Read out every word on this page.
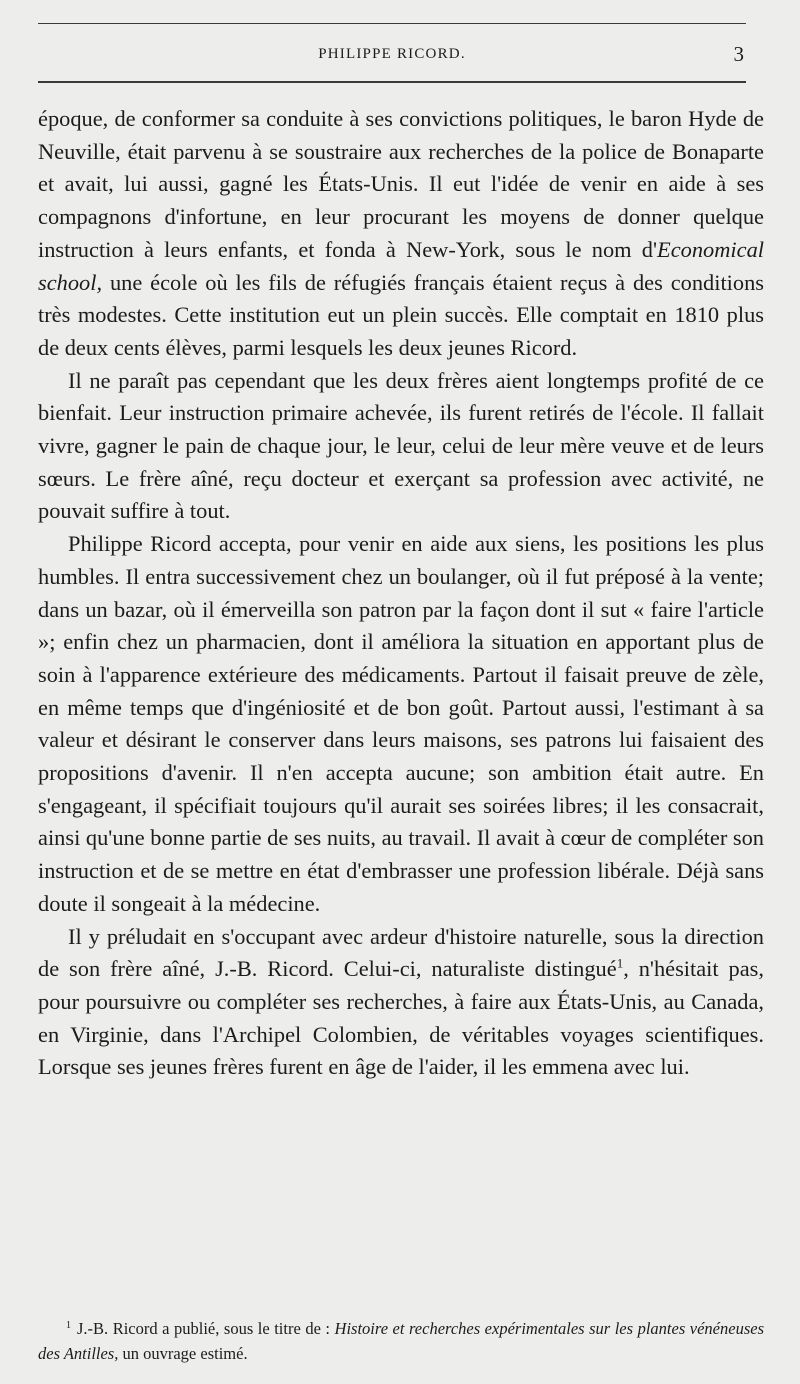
PHILIPPE RICORD.	3

époque, de conformer sa conduite à ses convictions politiques, le baron Hyde de Neuville, était parvenu à se soustraire aux recherches de la police de Bonaparte et avait, lui aussi, gagné les États-Unis. Il eut l'idée de venir en aide à ses compagnons d'infortune, en leur procurant les moyens de donner quelque instruction à leurs enfants, et fonda à New-York, sous le nom d'Economical school, une école où les fils de réfugiés français étaient reçus à des conditions très modestes. Cette institution eut un plein succès. Elle comptait en 1810 plus de deux cents élèves, parmi lesquels les deux jeunes Ricord.

Il ne paraît pas cependant que les deux frères aient longtemps profité de ce bienfait. Leur instruction primaire achevée, ils furent retirés de l'école. Il fallait vivre, gagner le pain de chaque jour, le leur, celui de leur mère veuve et de leurs sœurs. Le frère aîné, reçu docteur et exerçant sa profession avec activité, ne pouvait suffire à tout.

Philippe Ricord accepta, pour venir en aide aux siens, les positions les plus humbles. Il entra successivement chez un boulanger, où il fut préposé à la vente; dans un bazar, où il émerveilla son patron par la façon dont il sut « faire l'article »; enfin chez un pharmacien, dont il améliora la situation en apportant plus de soin à l'apparence extérieure des médicaments. Partout il faisait preuve de zèle, en même temps que d'ingéniosité et de bon goût. Partout aussi, l'estimant à sa valeur et désirant le conserver dans leurs maisons, ses patrons lui faisaient des propositions d'avenir. Il n'en accepta aucune; son ambition était autre. En s'engageant, il spécifiait toujours qu'il aurait ses soirées libres; il les consacrait, ainsi qu'une bonne partie de ses nuits, au travail. Il avait à cœur de compléter son instruction et de se mettre en état d'embrasser une profession libérale. Déjà sans doute il songeait à la médecine.

Il y préludait en s'occupant avec ardeur d'histoire naturelle, sous la direction de son frère aîné, J.-B. Ricord. Celui-ci, naturaliste distingué$^1$, n'hésitait pas, pour poursuivre ou compléter ses recherches, à faire aux États-Unis, au Canada, en Virginie, dans l'Archipel Colombien, de véritables voyages scientifiques. Lorsque ses jeunes frères furent en âge de l'aider, il les emmena avec lui.

$^1$ J.-B. Ricord a publié, sous le titre de : Histoire et recherches expérimentales sur les plantes vénéneuses des Antilles, un ouvrage estimé.
